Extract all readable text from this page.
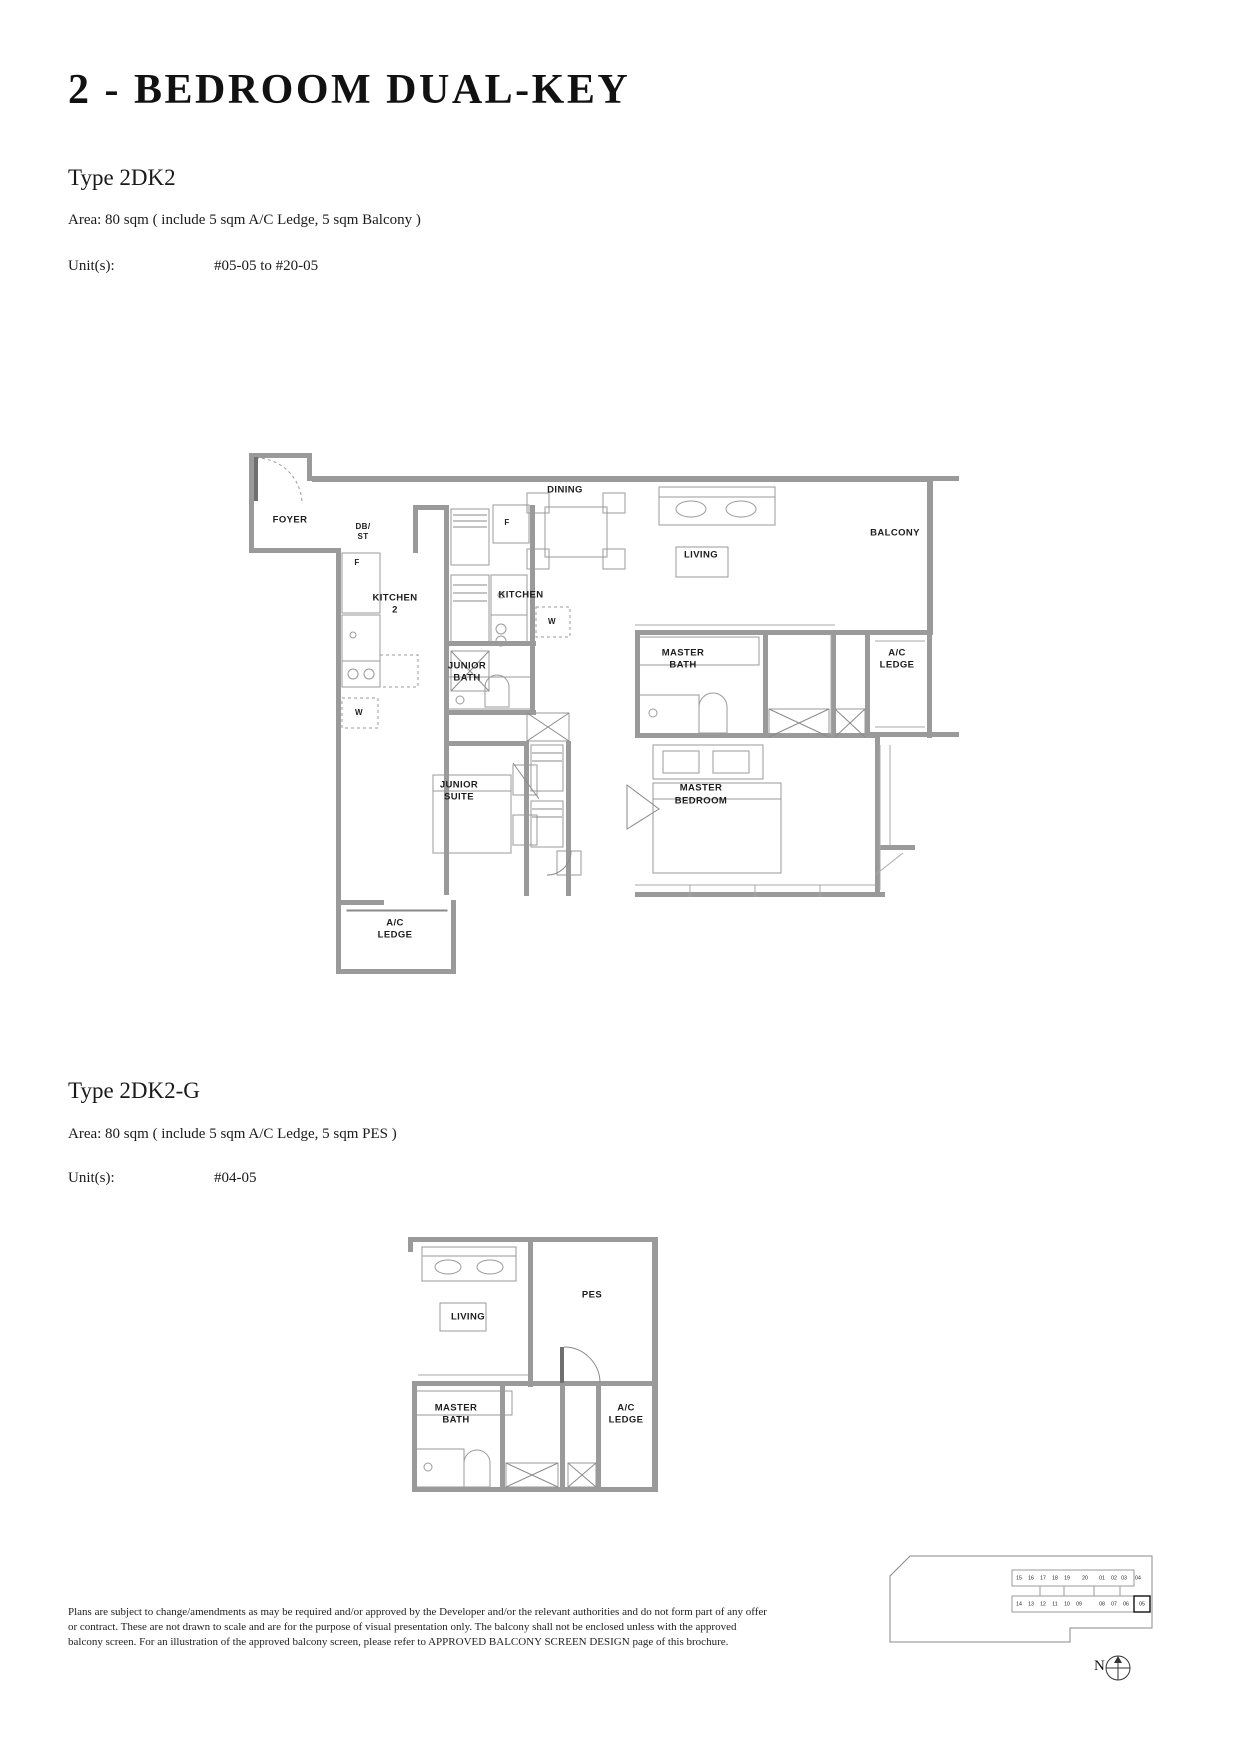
2 - BEDROOM DUAL-KEY
Type 2DK2
Area: 80 sqm ( include 5 sqm A/C Ledge, 5 sqm Balcony )
Unit(s):	#05-05 to #20-05
FOYER
DB/
ST
F
KITCHEN
2
W
F
KITCHEN
W
DINING
LIVING
BALCONY
JUNIOR
BATH
MASTER
BATH
A/C
LEDGE
JUNIOR
SUITE
MASTER
BEDROOM
A/C
LEDGE
Type 2DK2-G
Area: 80 sqm ( include 5 sqm A/C Ledge, 5 sqm PES )
Unit(s):	#04-05
LIVING
PES
MASTER
BATH
A/C
LEDGE
Plans are subject to change/amendments as may be required and/or approved by the Developer and/or the relevant authorities and do not form part of any offer or contract. These are not drawn to scale and are for the purpose of visual presentation only. The balcony shall not be enclosed unless with the approved balcony screen. For an illustration of the approved balcony screen, please refer to APPROVED BALCONY SCREEN DESIGN page of this brochure.
15 16 17 18 19 20 01 02 03 04
14 13 12 11 10 09	08 07 06 05
N
